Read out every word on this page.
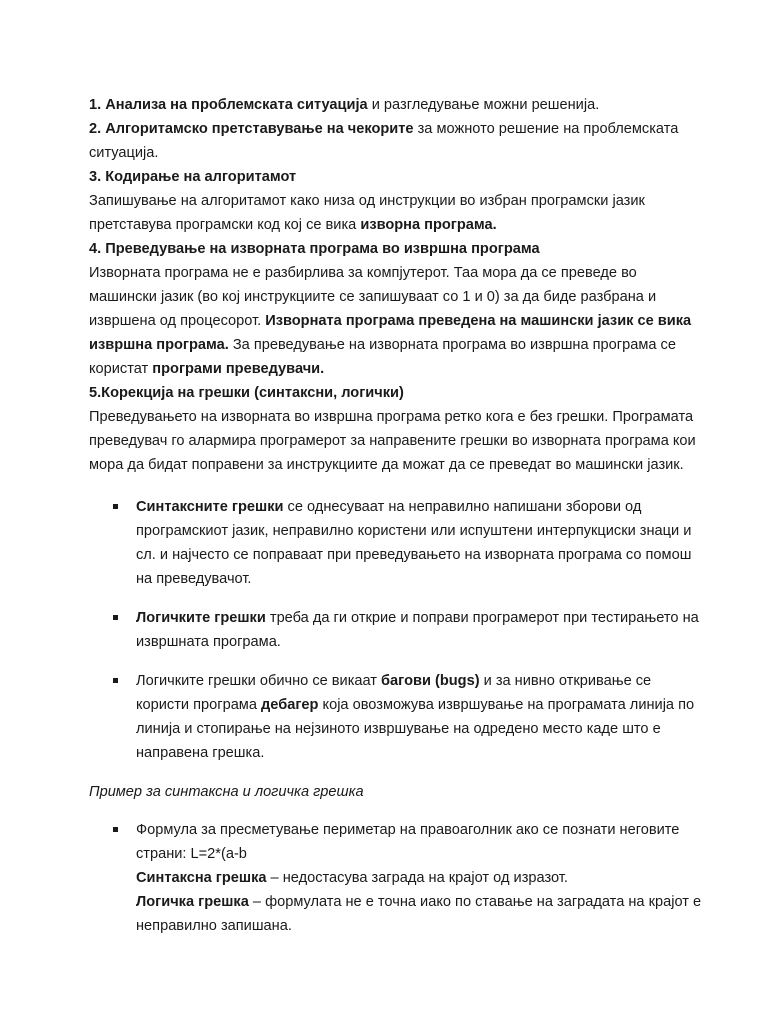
1. Анализа на проблемската ситуација и разгледување можни решенија.

2. Алгоритамско претставување на чекорите за можното решение на проблемската ситуација.

3. Кодирање на алгоритамот

Запишување на алгоритамот како низа од инструкции во избран програмски јазик претставува програмски код кој се вика изворна програма.

4. Преведување на изворната програма во извршна програма

Изворната програма не е разбирлива за компјутерот. Таа мора да се преведе во машински јазик (во кој инструкциите се запишуваат со 1 и 0) за да биде разбрана и извршена од процесорот. Изворната програма преведена на машински јазик се вика извршна програма. За преведување на изворната програма во извршна програма се користат програми преведувачи.

5.Корекција на грешки (синтаксни, логички)

Преведувањето на изворната во извршна програма ретко кога е без грешки. Програмата преведувач го алармира програмерот за направените грешки во изворната програма кои мора да бидат поправени за инструкциите да можат да се преведат во машински јазик.

Синтаксните грешки се однесуваат на неправилно напишани зборови од програмскиот јазик, неправилно користени или испуштени интерпукциски знаци и сл. и најчесто се поправаат при преведувањето на изворната програма со помош на преведувачот.
Логичките грешки треба да ги открие и поправи програмерот при тестирањето на извршната програма.
Логичките грешки обично се викаат багови (bugs) и за нивно откривање се користи програма дебагер која овозможува извршување на програмата линија по линија и стопирање на нејзиното извршување на одредено место каде што е направена грешка.

Пример за синтаксна и логичка грешка

Формула за пресметување периметар на правоаголник ако се познати неговите страни: L=2*(a-b
Синтаксна грешка – недостасува заграда на крајот од изразот.
Логичка грешка – формулата не е точна иако по ставање на заградата на крајот е неправилно запишана.
